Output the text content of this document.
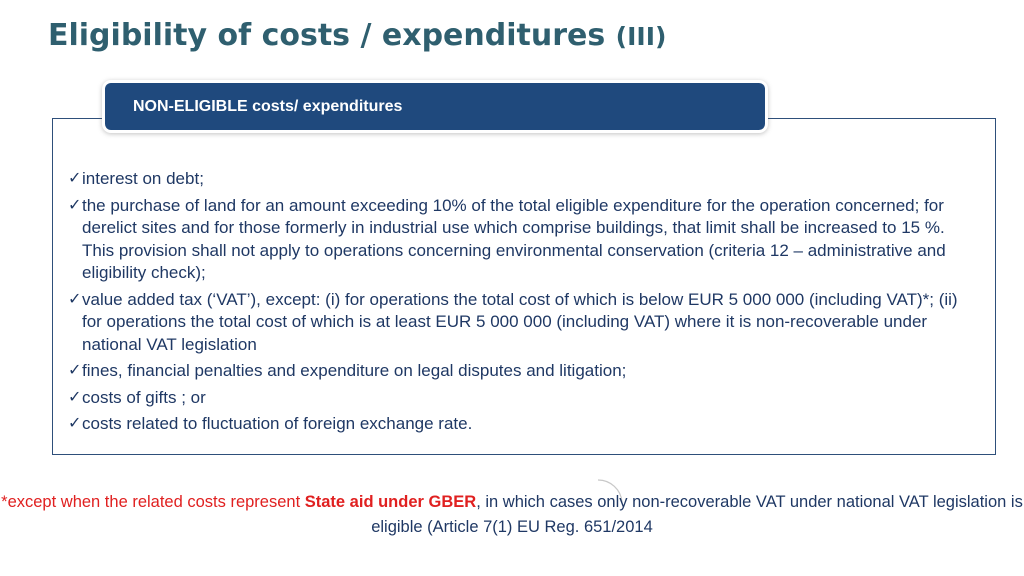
Eligibility of costs / expenditures (III)
NON-ELIGIBLE costs/ expenditures
✓ interest on debt;
✓ the purchase of land for an amount exceeding 10% of the total eligible expenditure for the operation concerned; for derelict sites and for those formerly in industrial use which comprise buildings, that limit shall be increased to 15 %. This provision shall not apply to operations concerning environmental conservation (criteria 12 – administrative and eligibility check);
✓ value added tax (‘VAT’), except: (i) for operations the total cost of which is below EUR 5 000 000 (including VAT)*; (ii) for operations the total cost of which is at least EUR 5 000 000 (including VAT) where it is non-recoverable under national VAT legislation
✓ fines, financial penalties and expenditure on legal disputes and litigation;
✓ costs of gifts ; or
✓ costs related to fluctuation of foreign exchange rate.

*except when the related costs represent State aid under GBER, in which cases only non-recoverable VAT under national VAT legislation is eligible (Article 7(1) EU Reg. 651/2014
